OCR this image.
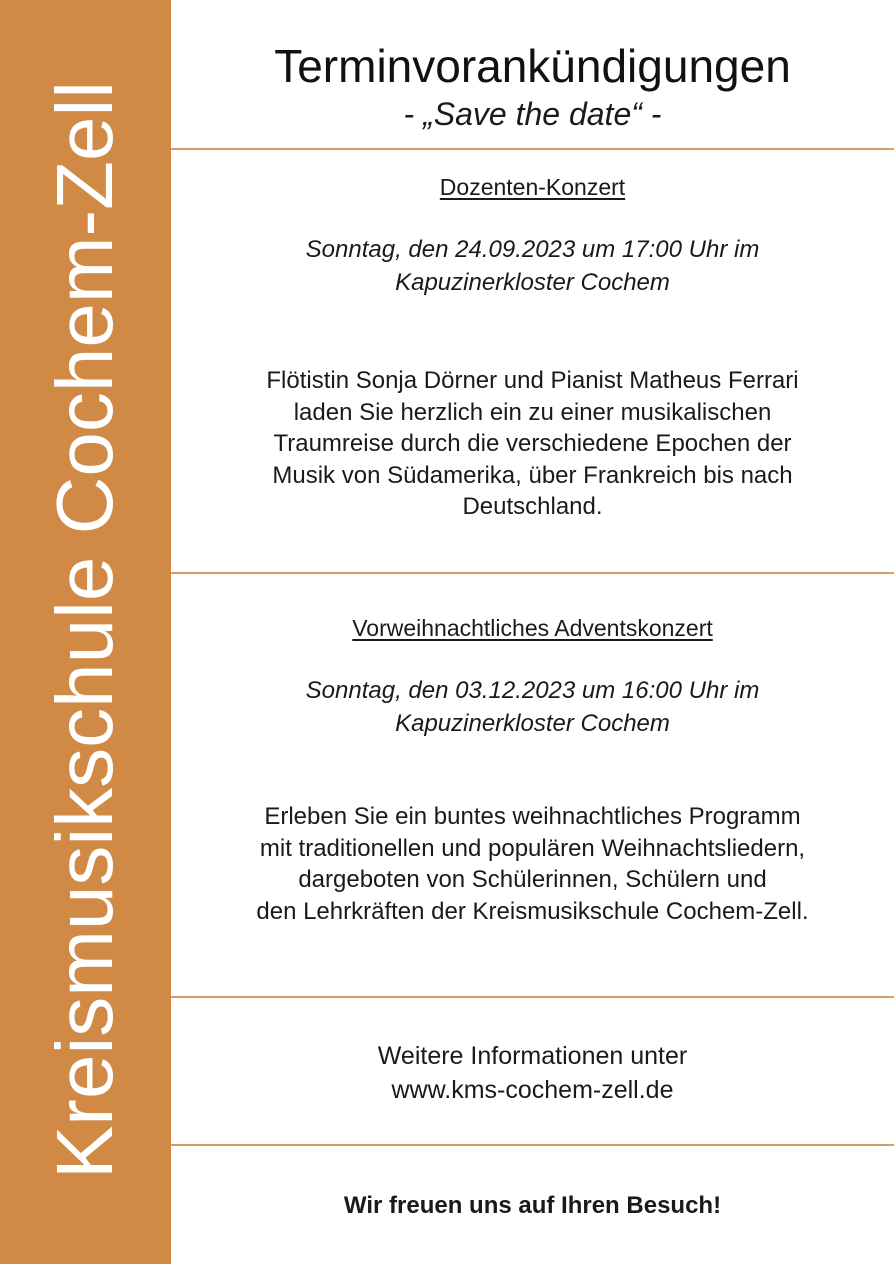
Kreismusikschule Cochem-Zell
Terminvorankündigungen
- „Save the date“ -
Dozenten-Konzert
Sonntag, den 24.09.2023 um 17:00 Uhr im
Kapuzinerkloster Cochem
Flötistin Sonja Dörner und Pianist Matheus Ferrari
laden Sie herzlich ein zu einer musikalischen
Traumreise durch die verschiedene Epochen der
Musik von Südamerika, über Frankreich bis nach
Deutschland.
Vorweihnachtliches Adventskonzert
Sonntag, den 03.12.2023 um 16:00 Uhr im
Kapuzinerkloster Cochem
Erleben Sie ein buntes weihnachtliches Programm
mit traditionellen und populären Weihnachtsliedern,
dargeboten von Schülerinnen, Schülern und
den Lehrkräften der Kreismusikschule Cochem-Zell.
Weitere Informationen unter
www.kms-cochem-zell.de
Wir freuen uns auf Ihren Besuch!
